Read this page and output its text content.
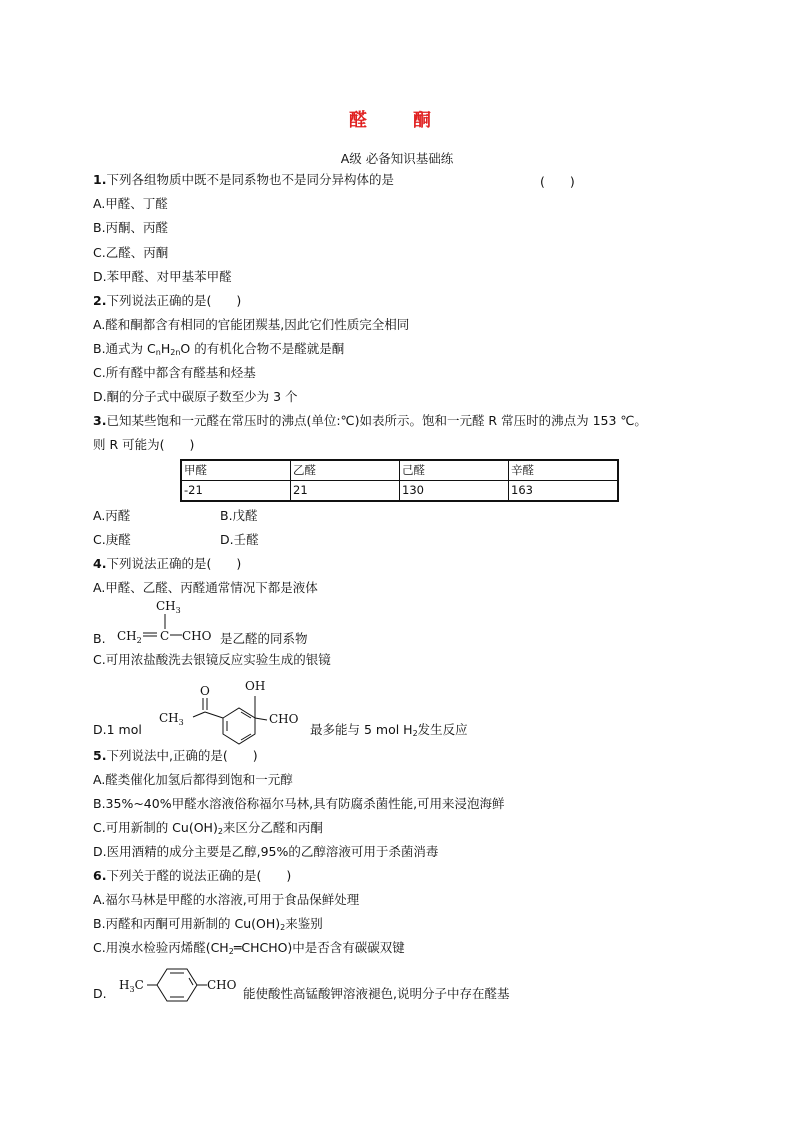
醛　酮
A级 必备知识基础练
1.下列各组物质中既不是同系物也不是同分异构体的是	(　　)
A.甲醛、丁醛
B.丙酮、丙醛
C.乙醛、丙酮
D.苯甲醛、对甲基苯甲醛
2.下列说法正确的是(　　)
A.醛和酮都含有相同的官能团羰基,因此它们性质完全相同
B.通式为 $C_nH_{2n}O$ 的有机化合物不是醛就是酮
C.所有醛中都含有醛基和烃基
D.酮的分子式中碳原子数至少为 3 个
3.已知某些饱和一元醛在常压时的沸点(单位:℃)如表所示。饱和一元醛 R 常压时的沸点为 153 ℃。
则 R 可能为(　　)
甲醛	乙醛	己醛	辛醛
-21	21	130	163
A.丙醛	B.戊醛
C.庚醛	D.壬醛
4.下列说法正确的是(　　)
A.甲醛、乙醛、丙醛通常情况下都是液体
B.
$CH_3$
$CH_2$ C CHO 是乙醛的同系物
C.可用浓盐酸洗去银镜反应实验生成的银镜
D.1 mol
O
$CH_3$
OH
CHO
最多能与 5 mol $H_2$发生反应
5.下列说法中,正确的是(　　)
A.醛类催化加氢后都得到饱和一元醇
B.35%~40%甲醛水溶液俗称福尔马林,具有防腐杀菌性能,可用来浸泡海鲜
C.可用新制的 $Cu(OH)_2$来区分乙醛和丙酮
D.医用酒精的成分主要是乙醇,95%的乙醇溶液可用于杀菌消毒
6.下列关于醛的说法正确的是(　　)
A.福尔马林是甲醛的水溶液,可用于食品保鲜处理
B.丙醛和丙酮可用新制的 $Cu(OH)_2$来鉴别
C.用溴水检验丙烯醛$(CH_2═CHCHO)$中是否含有碳碳双键
D.
$H_3C$	CHO
能使酸性高锰酸钾溶液褪色,说明分子中存在醛基
